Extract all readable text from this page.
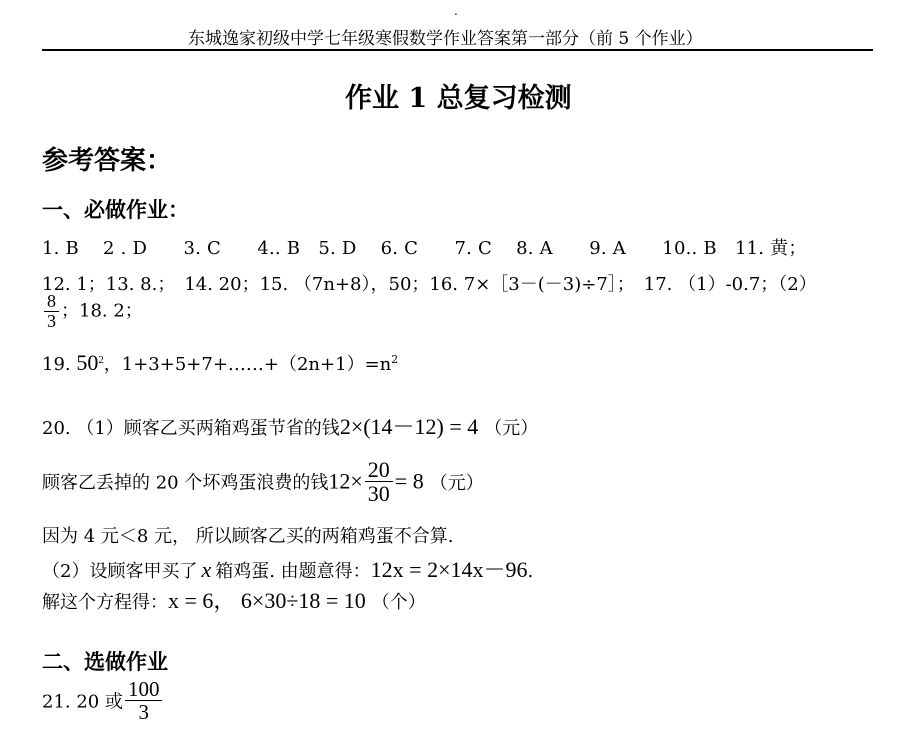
.
东城逸家初级中学七年级寒假数学作业答案第一部分（前 5 个作业）
作业 1 总复习检测
参考答案：
一、必做作业：
1. B　 2 . D　　3. C　　4.. B　5. D　 6. C　　7. C　 8. A　　9. A　　10.. B　11. 黄；
12. 1；13. 8.；　14. 20；15. （7n+8），50；16. 7×［3－(－3)÷7］；　17. （1）-0.7；（2）
$\frac{8}{3}$ ；18. 2；
19. $50^2$，$1+3+5+7+\dots\dots+(2n+1)=n^2$
20. （1）顾客乙买两箱鸡蛋节省的钱2×(14－12) = 4 （元）
顾客乙丢掉的 20 个坏鸡蛋浪费的钱$12\times \frac{20}{30} = 8$ （元）
因为 4 元＜8 元， 所以顾客乙买的两箱鸡蛋不合算.
（2）设顾客甲买了 x 箱鸡蛋. 由题意得：12x = 2×14x－96.
解这个方程得：x = 6， 6×30÷18 = 10 （个）
二、选做作业
21. 20 或 $\frac{100}{3}$
